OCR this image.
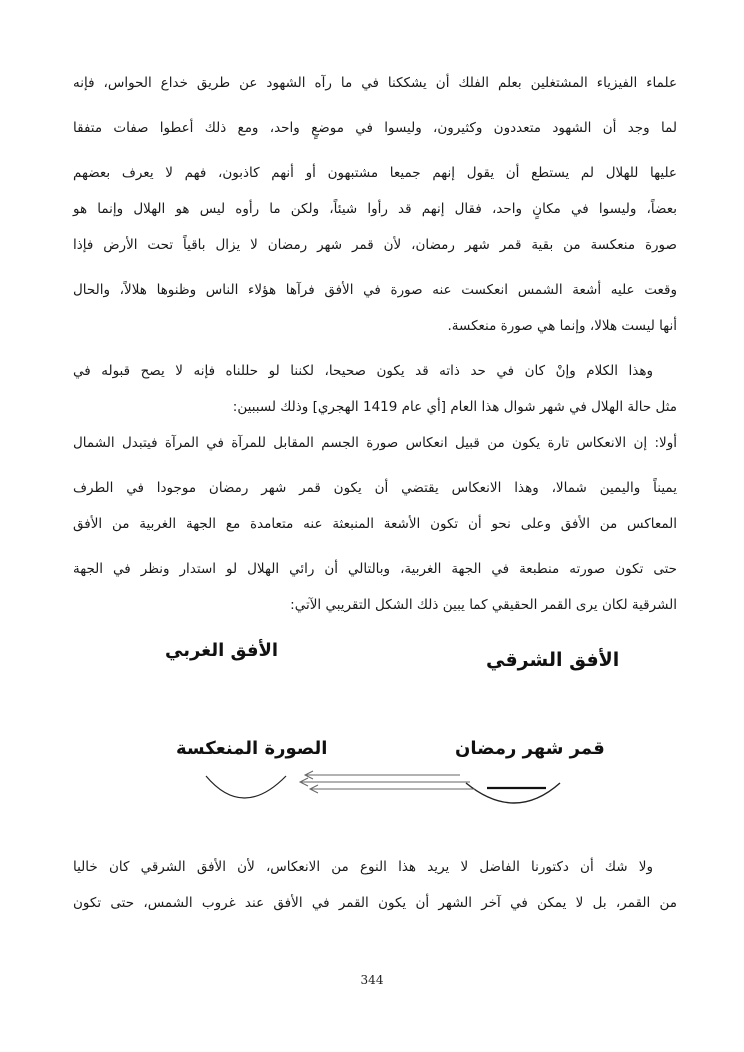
علماء الفيزياء المشتغلين بعلم الفلك أن يشككنا في ما رآه الشهود عن طريق خداع الحواس، فإنه
لما وجد أن الشهود متعددون وكثيرون، وليسوا في موضعٍ واحد، ومع ذلك أعطوا صفات متفقا
عليها للهلال لم يستطع أن يقول إنهم جميعا مشتبهون أو أنهم كاذبون، فهم لا يعرف بعضهم
بعضاً، وليسوا في مكانٍ واحد، فقال إنهم قد رأوا شيئاً، ولكن ما رأوه ليس هو الهلال وإنما هو
صورة منعكسة من بقية قمر شهر رمضان، لأن قمر شهر رمضان لا يزال باقياً تحت الأرض فإذا
وقعت عليه أشعة الشمس انعكست عنه صورة في الأفق فرآها هؤلاء الناس وظنوها هلالاً، والحال
أنها ليست هلالا، وإنما هي صورة منعكسة.
وهذا الكلام وإنْ كان في حد ذاته قد يكون صحيحا، لكننا لو حللناه فإنه لا يصح قبوله في
مثل حالة الهلال في شهر شوال هذا العام [أي عام 1419 الهجري] وذلك لسببين:
أولا: إن الانعكاس تارة يكون من قبيل انعكاس صورة الجسم المقابل للمرآة في المرآة فيتبدل الشمال
يميناً واليمين شمالا، وهذا الانعكاس يقتضي أن يكون قمر شهر رمضان موجودا في الطرف
المعاكس من الأفق وعلى نحو أن تكون الأشعة المنبعثة عنه متعامدة مع الجهة الغربية من الأفق
حتى تكون صورته منطبعة في الجهة الغربية، وبالتالي أن رائي الهلال لو استدار ونظر في الجهة
الشرقية لكان يرى القمر الحقيقي كما يبين ذلك الشكل التقريبي الآتي:
الأفق الغربي	الأفق الشرقي
الصورة المنعكسة	قمر شهر رمضان
ولا شك أن دكتورنا الفاضل لا يريد هذا النوع من الانعكاس، لأن الأفق الشرقي كان خاليا
من القمر، بل لا يمكن في آخر الشهر أن يكون القمر في الأفق عند غروب الشمس، حتى تكون
344
